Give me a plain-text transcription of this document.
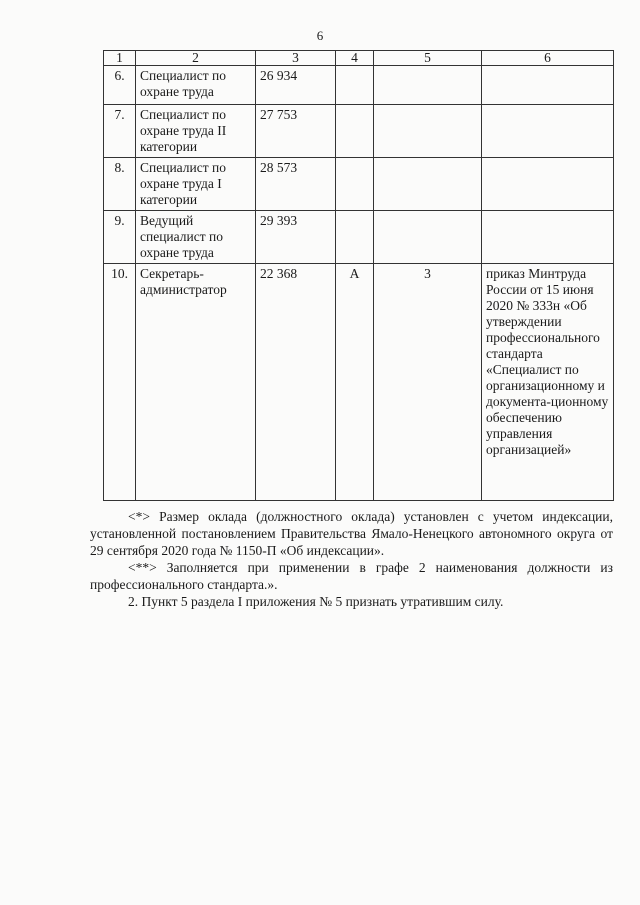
6
1	2	3	4	5	6
6.	Специалист по охране труда	26 934			
7.	Специалист по охране труда II категории	27 753			
8.	Специалист по охране труда I категории	28 573			
9.	Ведущий специалист по охране труда	29 393			
10.	Секретарь-администратор	22 368	А	3	приказ Минтруда России от 15 июня 2020 № 333н «Об утверждении профессионального стандарта «Специалист по организационному и документа-ционному обеспечению управления организацией»

<*> Размер оклада (должностного оклада) установлен с учетом индексации, установленной постановлением Правительства Ямало-Ненецкого автономного округа от 29 сентября 2020 года № 1150-П «Об индексации».

<**> Заполняется при применении в графе 2 наименования должности из профессионального стандарта.».

2. Пункт 5 раздела I приложения № 5 признать утратившим силу.
